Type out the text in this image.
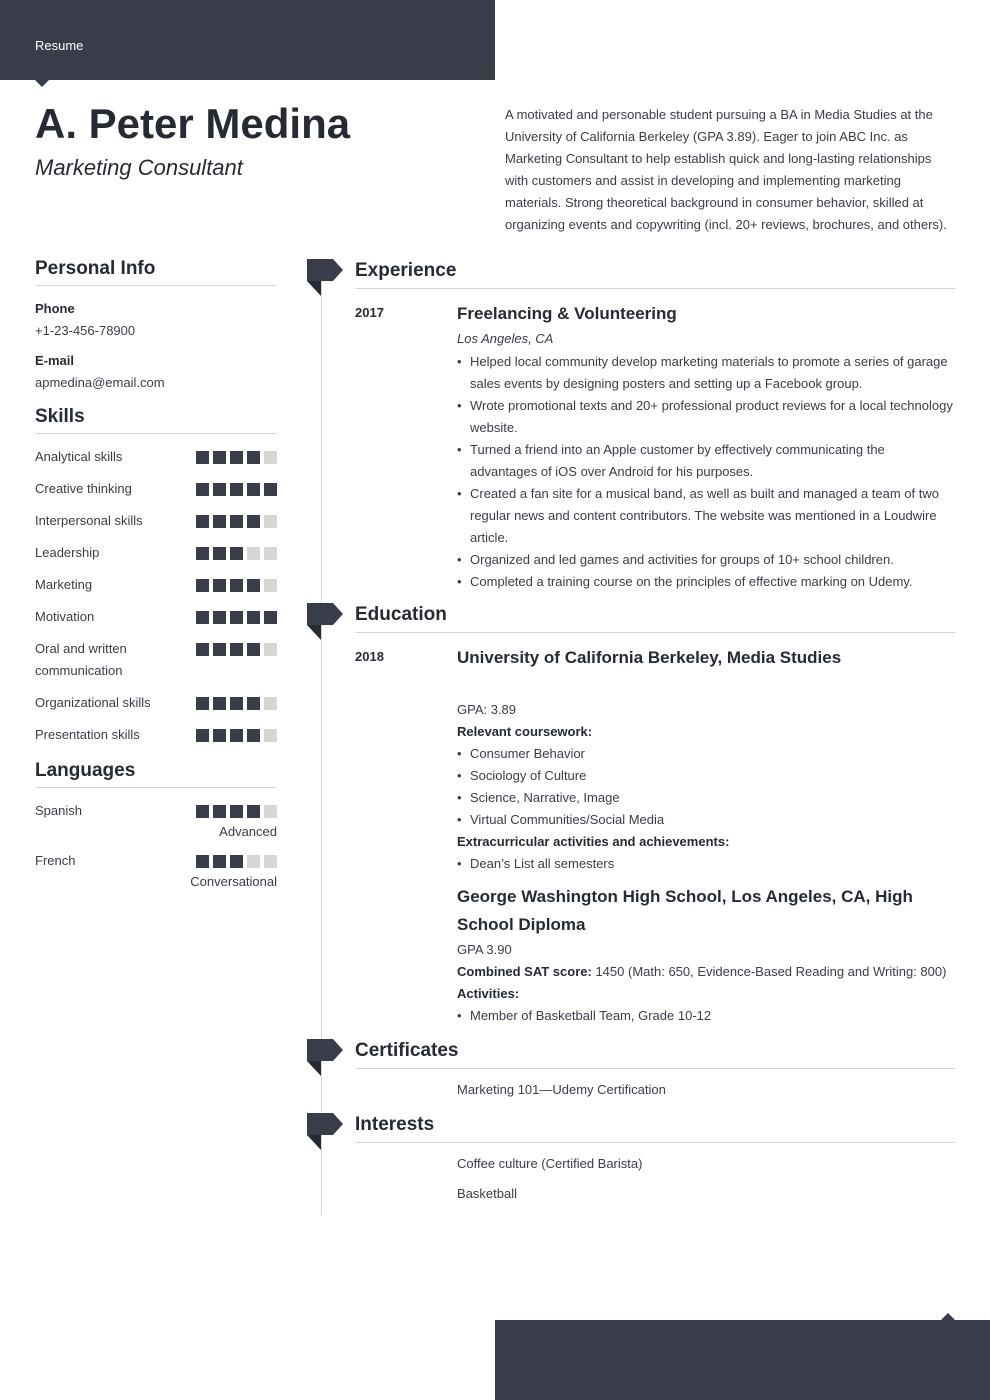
Resume
A. Peter Medina
Marketing Consultant

A motivated and personable student pursuing a BA in Media Studies at the University of California Berkeley (GPA 3.89). Eager to join ABC Inc. as Marketing Consultant to help establish quick and long-lasting relationships with customers and assist in developing and implementing marketing materials. Strong theoretical background in consumer behavior, skilled at organizing events and copywriting (incl. 20+ reviews, brochures, and others).

Personal Info
Phone
+1-23-456-78900
E-mail
apmedina@email.com
Skills
Analytical skills
Creative thinking
Interpersonal skills
Leadership
Marketing
Motivation
Oral and written communication
Organizational skills
Presentation skills
Languages
Spanish
Advanced
French
Conversational
Experience
2017	Freelancing & Volunteering
Los Angeles, CA
• Helped local community develop marketing materials to promote a series of garage sales events by designing posters and setting up a Facebook group.
• Wrote promotional texts and 20+ professional product reviews for a local technology website.
• Turned a friend into an Apple customer by effectively communicating the advantages of iOS over Android for his purposes.
• Created a fan site for a musical band, as well as built and managed a team of two regular news and content contributors. The website was mentioned in a Loudwire article.
• Organized and led games and activities for groups of 10+ school children.
• Completed a training course on the principles of effective marking on Udemy.
Education
2018	University of California Berkeley, Media Studies
GPA: 3.89
Relevant coursework:
• Consumer Behavior
• Sociology of Culture
• Science, Narrative, Image
• Virtual Communities/Social Media
Extracurricular activities and achievements:
• Dean’s List all semesters
George Washington High School, Los Angeles, CA, High School Diploma
GPA 3.90
Combined SAT score: 1450 (Math: 650, Evidence-Based Reading and Writing: 800)
Activities:
• Member of Basketball Team, Grade 10-12
Certificates
Marketing 101—Udemy Certification
Interests
Coffee culture (Certified Barista)
Basketball
